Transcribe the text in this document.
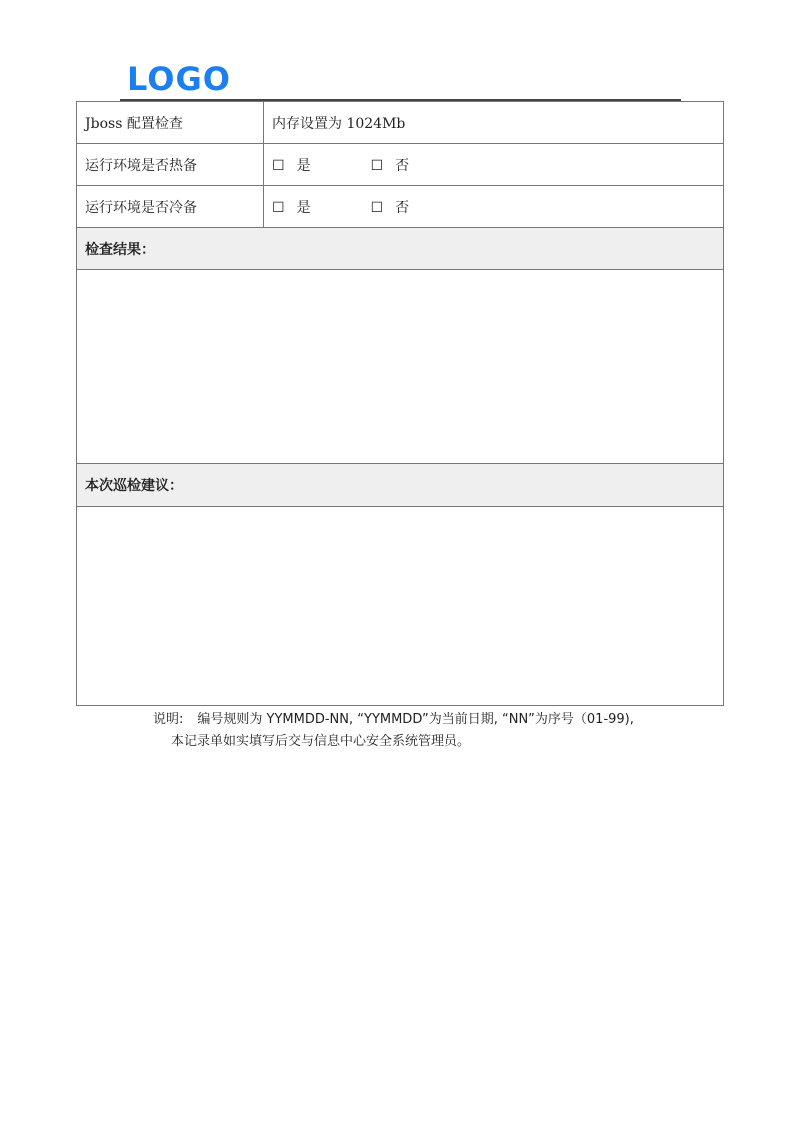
LOGO
Jboss 配置检查	内存设置为 1024Mb
运行环境是否热备	☐ 是 ☐ 否
运行环境是否冷备	☐ 是 ☐ 否
检查结果：	

本次巡检建议：	

说明: 编号规则为 YYMMDD-NN, “YYMMDD”为当前日期, “NN”为序号（01-99),
本记录单如实填写后交与信息中心安全系统管理员。
